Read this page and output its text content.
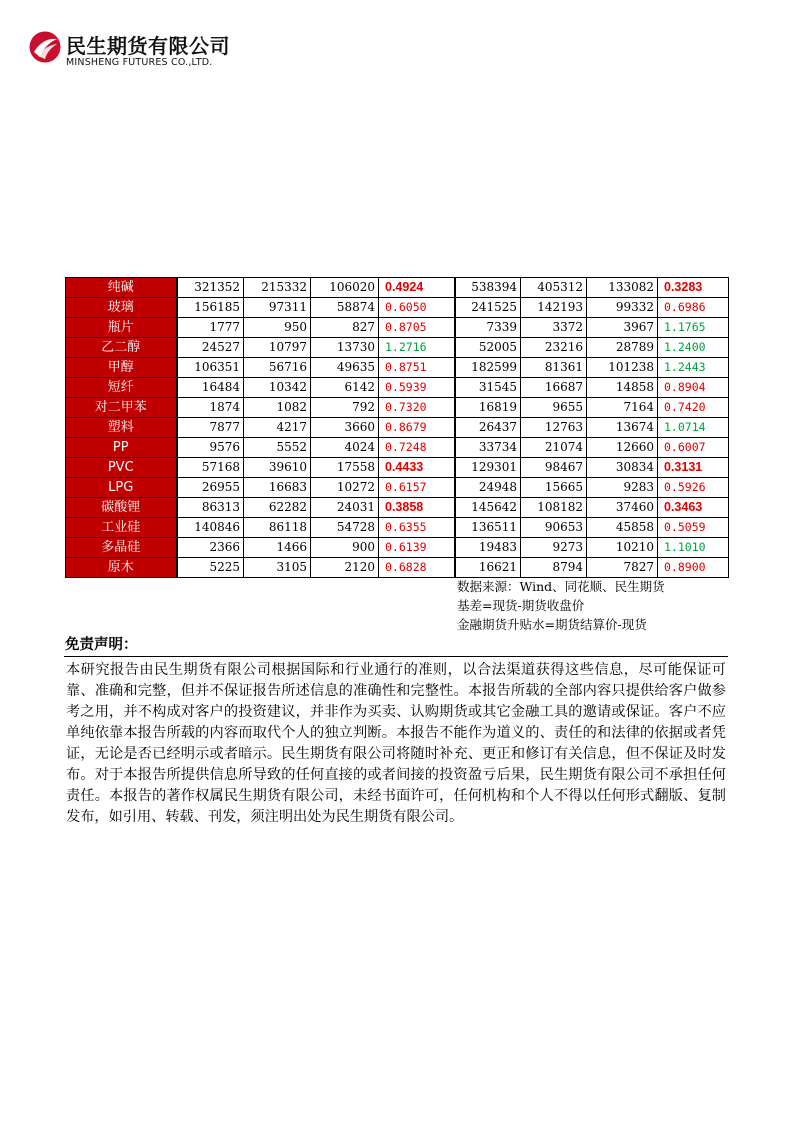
民生期货有限公司
MINSHENG FUTURES CO.,LTD.
纯碱	321352	215332	106020	0.4924	538394	405312	133082	0.3283
玻璃	156185	97311	58874	0.6050	241525	142193	99332	0.6986
瓶片	1777	950	827	0.8705	7339	3372	3967	1.1765
乙二醇	24527	10797	13730	1.2716	52005	23216	28789	1.2400
甲醇	106351	56716	49635	0.8751	182599	81361	101238	1.2443
短纤	16484	10342	6142	0.5939	31545	16687	14858	0.8904
对二甲苯	1874	1082	792	0.7320	16819	9655	7164	0.7420
塑料	7877	4217	3660	0.8679	26437	12763	13674	1.0714
PP	9576	5552	4024	0.7248	33734	21074	12660	0.6007
PVC	57168	39610	17558	0.4433	129301	98467	30834	0.3131
LPG	26955	16683	10272	0.6157	24948	15665	9283	0.5926
碳酸锂	86313	62282	24031	0.3858	145642	108182	37460	0.3463
工业硅	140846	86118	54728	0.6355	136511	90653	45858	0.5059
多晶硅	2366	1466	900	0.6139	19483	9273	10210	1.1010
原木	5225	3105	2120	0.6828	16621	8794	7827	0.8900
数据来源：Wind、同花顺、民生期货
基差=现货-期货收盘价
金融期货升贴水=期货结算价-现货
免责声明：

本研究报告由民生期货有限公司根据国际和行业通行的准则，以合法渠道获得这些信息，尽可能保证可靠、准确和完整，但并不保证报告所述信息的准确性和完整性。本报告所载的全部内容只提供给客户做参考之用，并不构成对客户的投资建议，并非作为买卖、认购期货或其它金融工具的邀请或保证。客户不应单纯依靠本报告所载的内容而取代个人的独立判断。本报告不能作为道义的、责任的和法律的依据或者凭证，无论是否已经明示或者暗示。民生期货有限公司将随时补充、更正和修订有关信息，但不保证及时发布。对于本报告所提供信息所导致的任何直接的或者间接的投资盈亏后果，民生期货有限公司不承担任何责任。本报告的著作权属民生期货有限公司，未经书面许可，任何机构和个人不得以任何形式翻版、复制发布，如引用、转载、刊发，须注明出处为民生期货有限公司。
